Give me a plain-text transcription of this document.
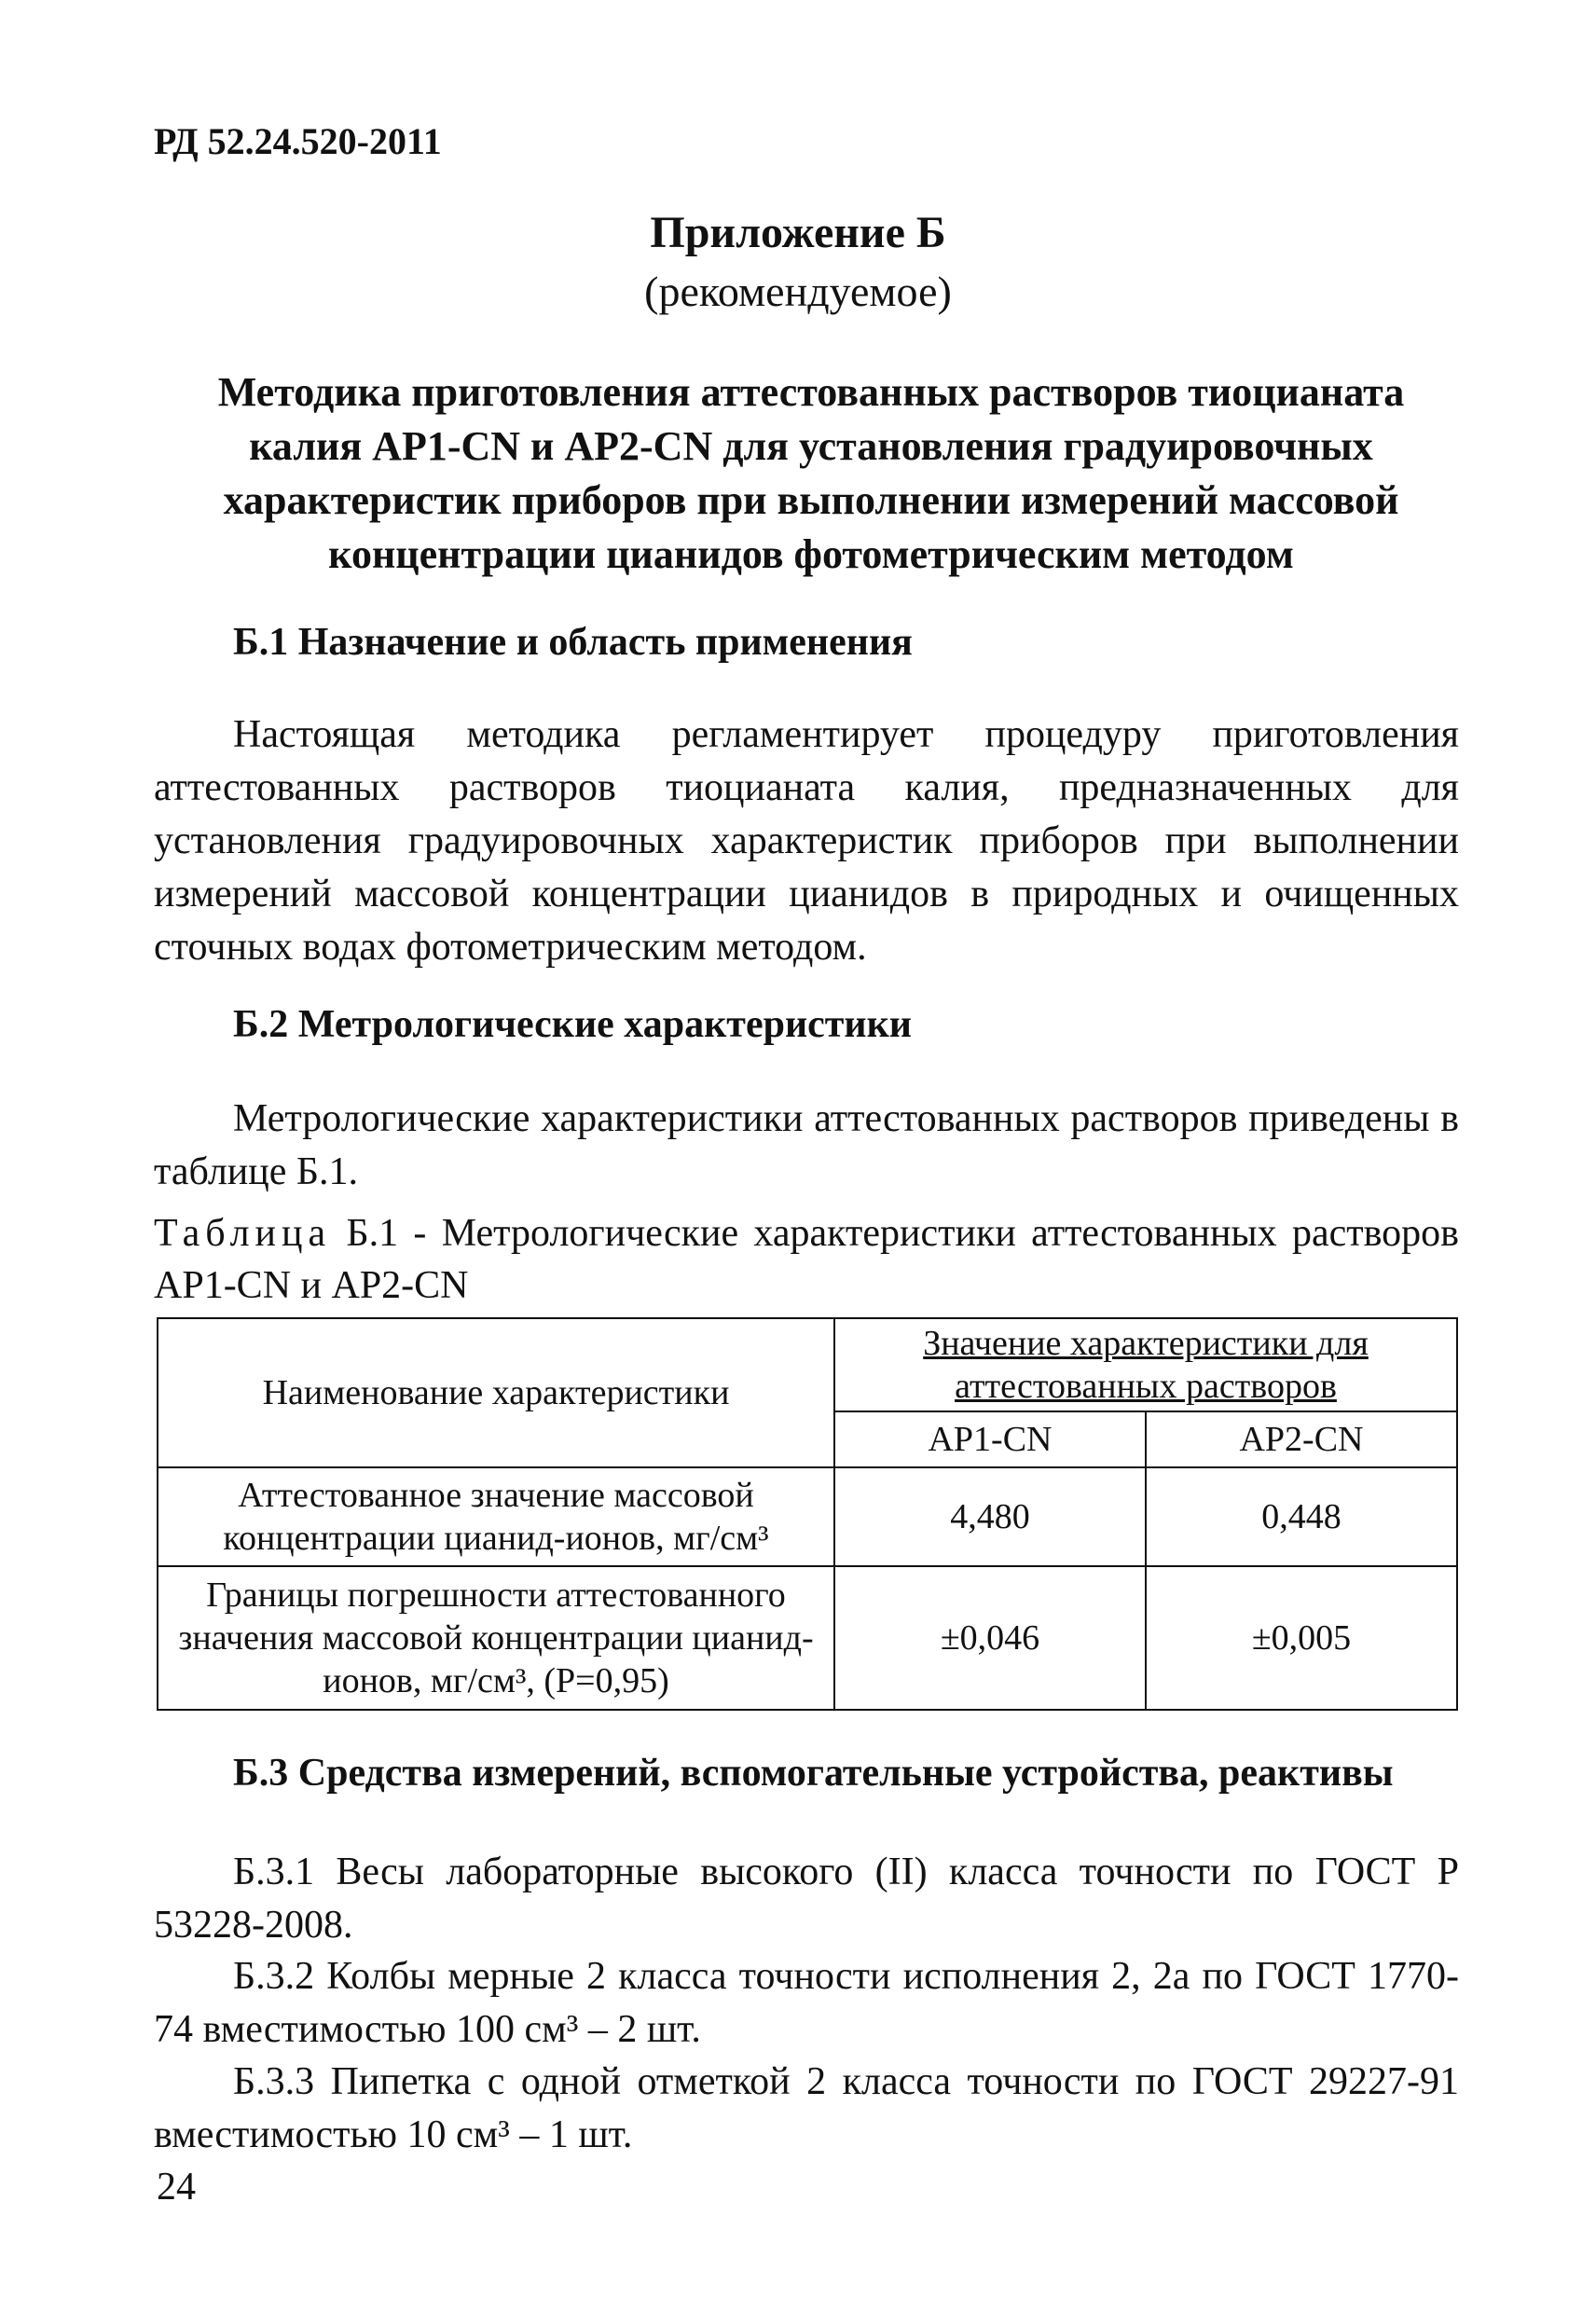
РД 52.24.520-2011
Приложение Б
(рекомендуемое)
Методика приготовления аттестованных растворов тиоцианата калия АР1-CN и АР2-CN для установления градуировочных характеристик приборов при выполнении измерений массовой концентрации цианидов фотометрическим методом
Б.1 Назначение и область применения

Настоящая методика регламентирует процедуру приготовления аттестованных растворов тиоцианата калия, предназначенных для установления градуировочных характеристик приборов при выполнении измерений массовой концентрации цианидов в природных и очищенных сточных водах фотометрическим методом.

Б.2 Метрологические характеристики

Метрологические характеристики аттестованных растворов приведены в таблице Б.1.

Таблица Б.1 - Метрологические характеристики аттестованных растворов АР1-CN и АР2-CN
Наименование характеристики	Значение характеристики для аттестованных растворов	
	АР1-CN	АР2-CN
Аттестованное значение массовой концентрации цианид-ионов, мг/см³	4,480	0,448
Границы погрешности аттестованного значения массовой концентрации цианид-ионов, мг/см³, (Р=0,95)	±0,046	±0,005
Б.3 Средства измерений, вспомогательные устройства, реактивы

Б.3.1 Весы лабораторные высокого (II) класса точности по ГОСТ Р 53228-2008.

Б.3.2 Колбы мерные 2 класса точности исполнения 2, 2а по ГОСТ 1770-74 вместимостью 100 см³ – 2 шт.

Б.3.3 Пипетка с одной отметкой 2 класса точности по ГОСТ 29227-91 вместимостью 10 см³ – 1 шт.

24
